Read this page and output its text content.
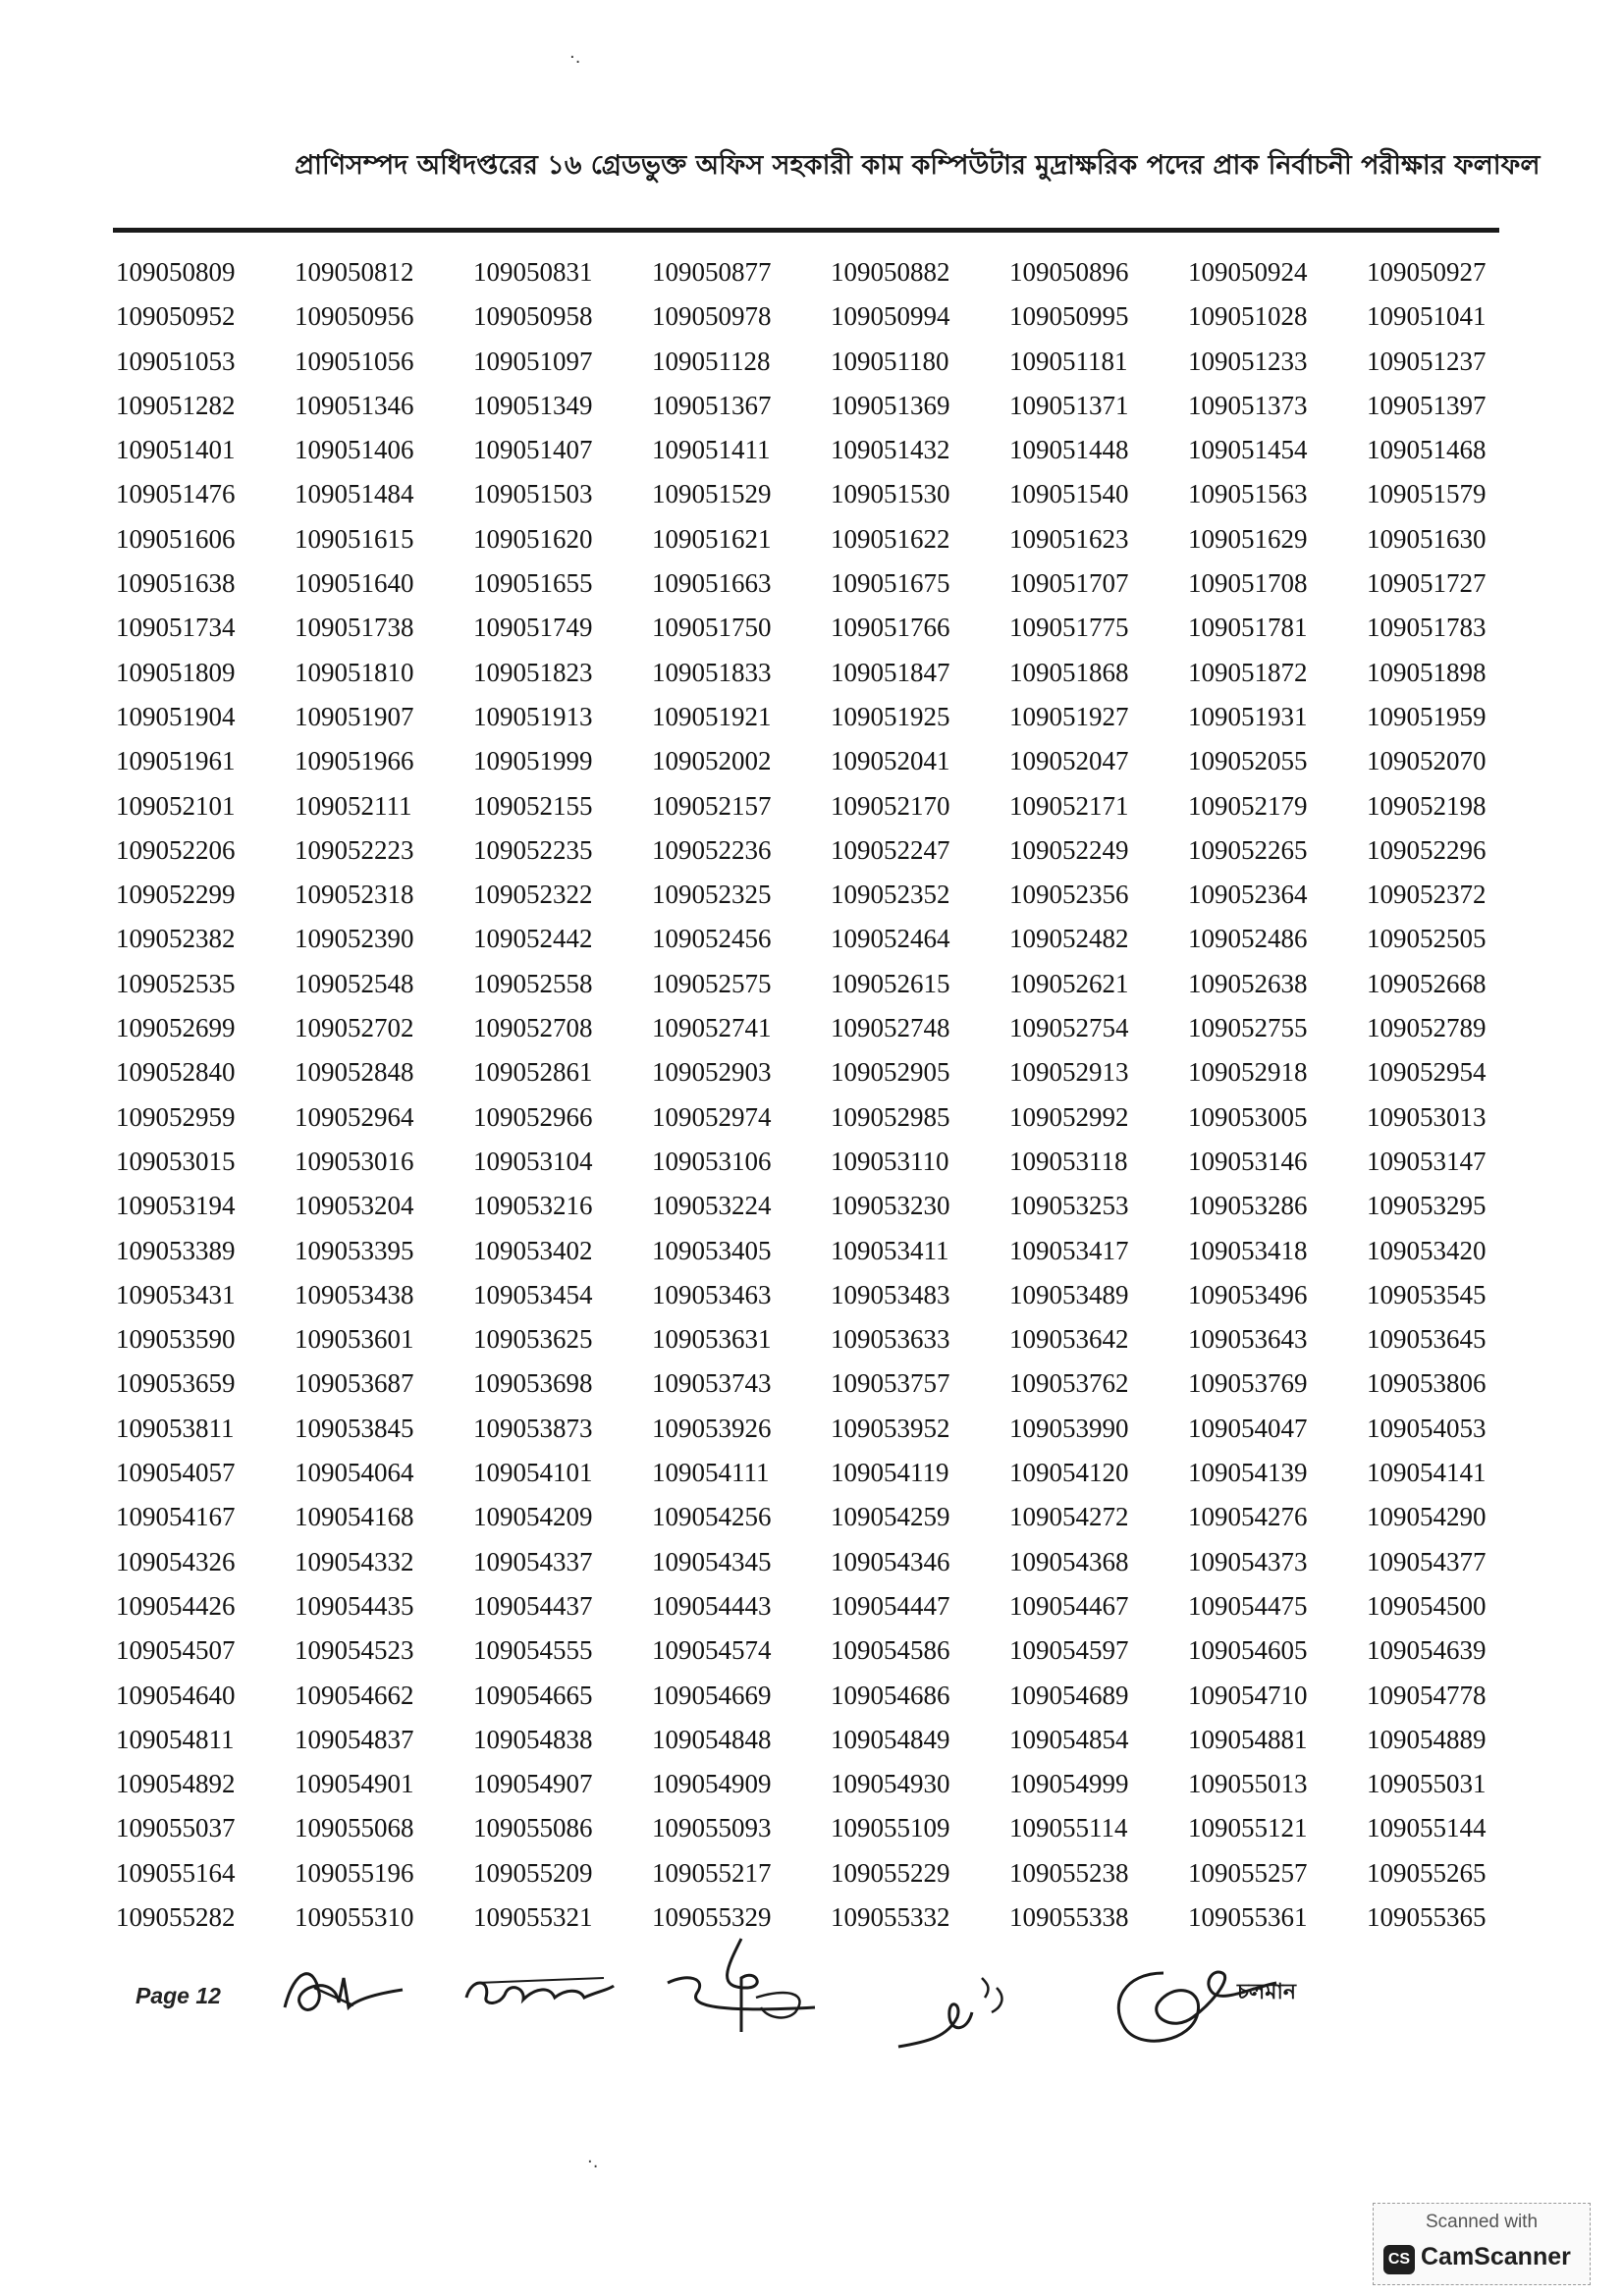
·.
প্রাণিসম্পদ অধিদপ্তরের ১৬ গ্রেডভুক্ত অফিস সহকারী কাম কম্পিউটার মুদ্রাক্ষরিক পদের প্রাক নির্বাচনী পরীক্ষার ফলাফল
109050809	109050812	109050831	109050877	109050882	109050896	109050924	109050927
109050952	109050956	109050958	109050978	109050994	109050995	109051028	109051041
109051053	109051056	109051097	109051128	109051180	109051181	109051233	109051237
109051282	109051346	109051349	109051367	109051369	109051371	109051373	109051397
109051401	109051406	109051407	109051411	109051432	109051448	109051454	109051468
109051476	109051484	109051503	109051529	109051530	109051540	109051563	109051579
109051606	109051615	109051620	109051621	109051622	109051623	109051629	109051630
109051638	109051640	109051655	109051663	109051675	109051707	109051708	109051727
109051734	109051738	109051749	109051750	109051766	109051775	109051781	109051783
109051809	109051810	109051823	109051833	109051847	109051868	109051872	109051898
109051904	109051907	109051913	109051921	109051925	109051927	109051931	109051959
109051961	109051966	109051999	109052002	109052041	109052047	109052055	109052070
109052101	109052111	109052155	109052157	109052170	109052171	109052179	109052198
109052206	109052223	109052235	109052236	109052247	109052249	109052265	109052296
109052299	109052318	109052322	109052325	109052352	109052356	109052364	109052372
109052382	109052390	109052442	109052456	109052464	109052482	109052486	109052505
109052535	109052548	109052558	109052575	109052615	109052621	109052638	109052668
109052699	109052702	109052708	109052741	109052748	109052754	109052755	109052789
109052840	109052848	109052861	109052903	109052905	109052913	109052918	109052954
109052959	109052964	109052966	109052974	109052985	109052992	109053005	109053013
109053015	109053016	109053104	109053106	109053110	109053118	109053146	109053147
109053194	109053204	109053216	109053224	109053230	109053253	109053286	109053295
109053389	109053395	109053402	109053405	109053411	109053417	109053418	109053420
109053431	109053438	109053454	109053463	109053483	109053489	109053496	109053545
109053590	109053601	109053625	109053631	109053633	109053642	109053643	109053645
109053659	109053687	109053698	109053743	109053757	109053762	109053769	109053806
109053811	109053845	109053873	109053926	109053952	109053990	109054047	109054053
109054057	109054064	109054101	109054111	109054119	109054120	109054139	109054141
109054167	109054168	109054209	109054256	109054259	109054272	109054276	109054290
109054326	109054332	109054337	109054345	109054346	109054368	109054373	109054377
109054426	109054435	109054437	109054443	109054447	109054467	109054475	109054500
109054507	109054523	109054555	109054574	109054586	109054597	109054605	109054639
109054640	109054662	109054665	109054669	109054686	109054689	109054710	109054778
109054811	109054837	109054838	109054848	109054849	109054854	109054881	109054889
109054892	109054901	109054907	109054909	109054930	109054999	109055013	109055031
109055037	109055068	109055086	109055093	109055109	109055114	109055121	109055144
109055164	109055196	109055209	109055217	109055229	109055238	109055257	109055265
109055282	109055310	109055321	109055329	109055332	109055338	109055361	109055365
Page 12	চলমান
·.
Scanned with
CS CamScanner
